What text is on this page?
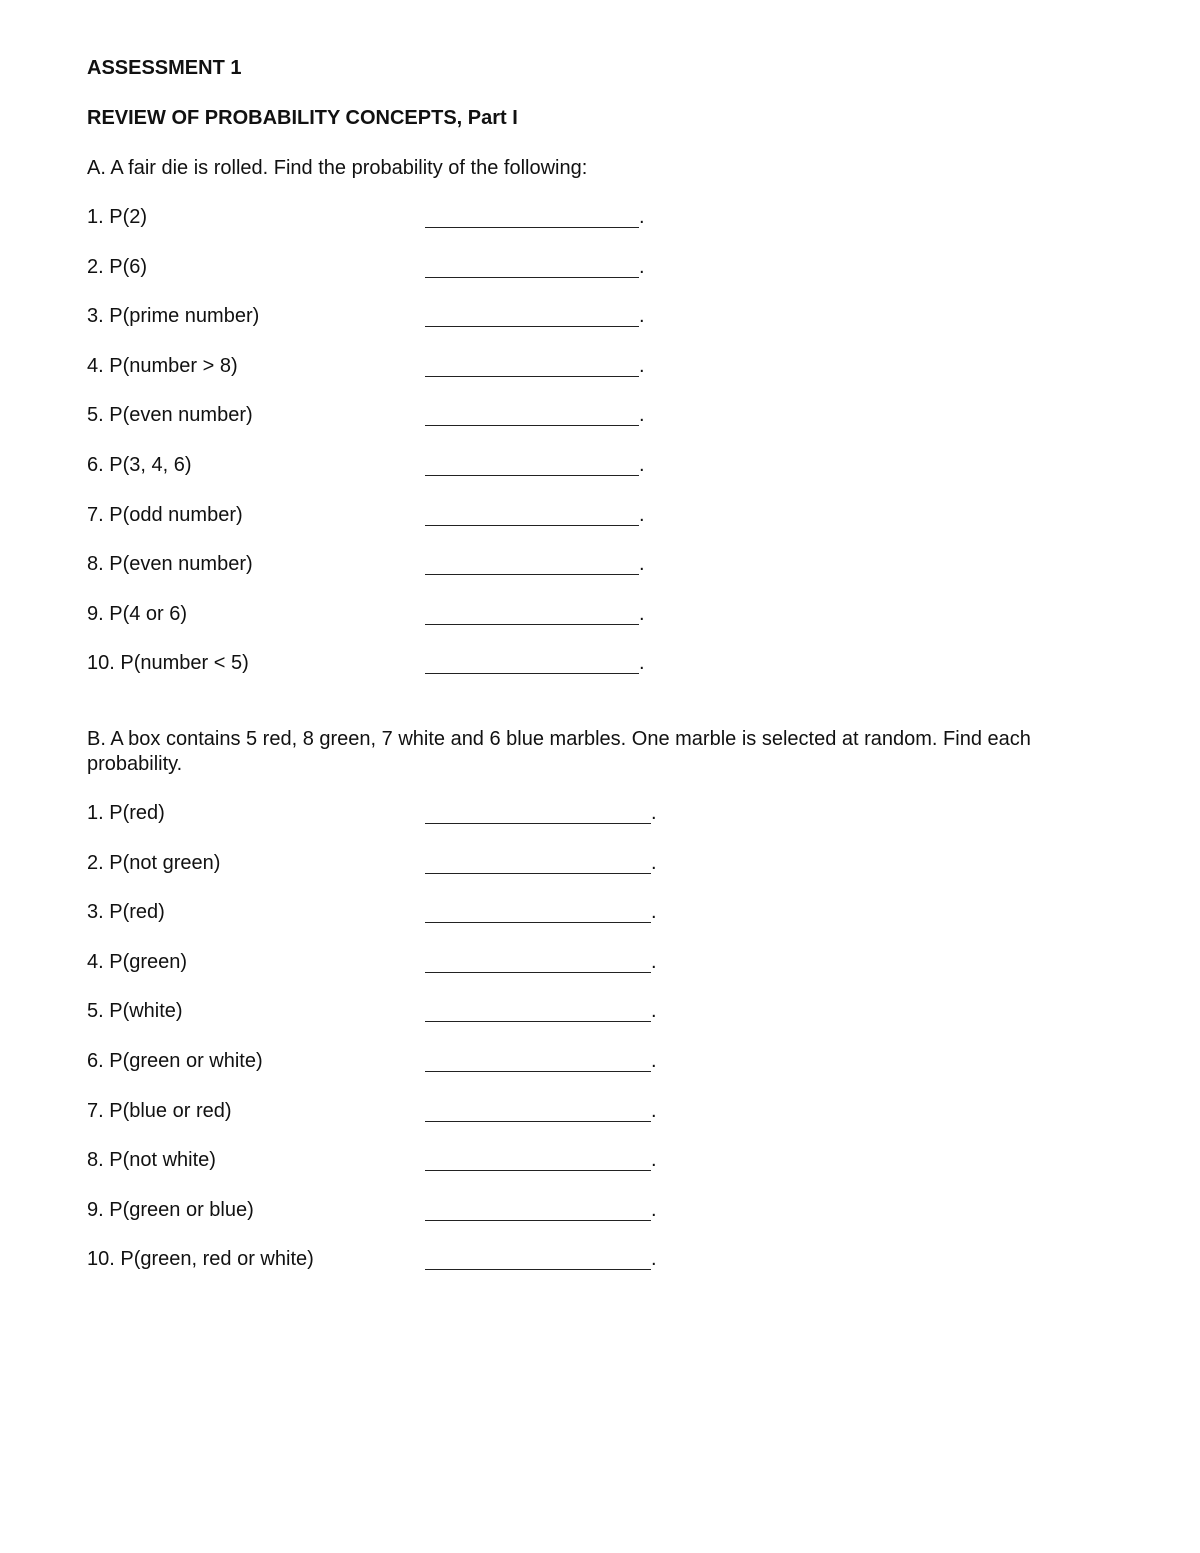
ASSESSMENT 1
REVIEW OF PROBABILITY CONCEPTS, Part I
A. A fair die is rolled. Find the probability of the following:
1. P(2)	.
2. P(6)	.
3. P(prime number)	.
4. P(number > 8)	.
5. P(even number)	.
6. P(3, 4, 6)	.
7. P(odd number)	.
8. P(even number)	.
9. P(4 or 6)	.
10. P(number < 5)	.
B. A box contains 5 red, 8 green, 7 white and 6 blue marbles. One marble is selected at random. Find each probability.
1. P(red)	.
2. P(not green)	.
3. P(red)	.
4. P(green)	.
5. P(white)	.
6. P(green or white)	.
7. P(blue or red)	.
8. P(not white)	.
9. P(green or blue)	.
10. P(green, red or white)	.
